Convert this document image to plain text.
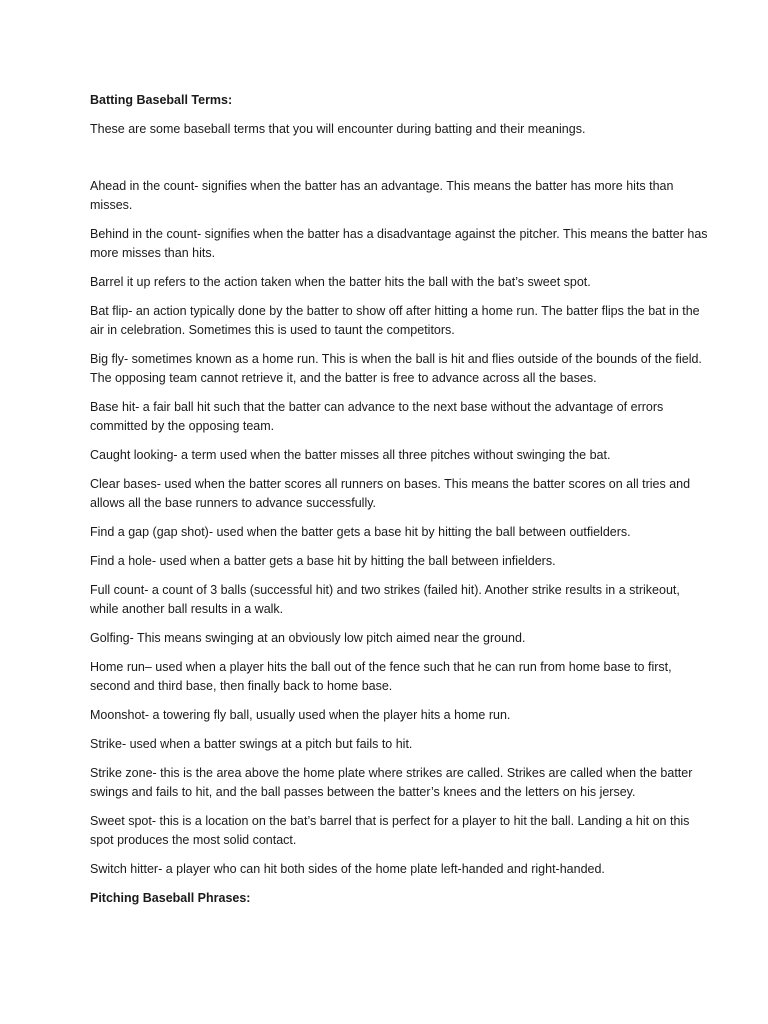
Batting Baseball Terms:

These are some baseball terms that you will encounter during batting and their meanings.

Ahead in the count- signifies when the batter has an advantage. This means the batter has more hits than misses.

Behind in the count- signifies when the batter has a disadvantage against the pitcher. This means the batter has more misses than hits.

Barrel it up refers to the action taken when the batter hits the ball with the bat’s sweet spot.

Bat flip- an action typically done by the batter to show off after hitting a home run. The batter flips the bat in the air in celebration. Sometimes this is used to taunt the competitors.

Big fly- sometimes known as a home run. This is when the ball is hit and flies outside of the bounds of the field. The opposing team cannot retrieve it, and the batter is free to advance across all the bases.

Base hit- a fair ball hit such that the batter can advance to the next base without the advantage of errors committed by the opposing team.

Caught looking- a term used when the batter misses all three pitches without swinging the bat.

Clear bases- used when the batter scores all runners on bases. This means the batter scores on all tries and allows all the base runners to advance successfully.

Find a gap (gap shot)- used when the batter gets a base hit by hitting the ball between outfielders.

Find a hole- used when a batter gets a base hit by hitting the ball between infielders.

Full count- a count of 3 balls (successful hit) and two strikes (failed hit). Another strike results in a strikeout, while another ball results in a walk.

Golfing- This means swinging at an obviously low pitch aimed near the ground.

Home run– used when a player hits the ball out of the fence such that he can run from home base to first, second and third base, then finally back to home base.

Moonshot- a towering fly ball, usually used when the player hits a home run.

Strike- used when a batter swings at a pitch but fails to hit.

Strike zone- this is the area above the home plate where strikes are called. Strikes are called when the batter swings and fails to hit, and the ball passes between the batter’s knees and the letters on his jersey.

Sweet spot- this is a location on the bat’s barrel that is perfect for a player to hit the ball. Landing a hit on this spot produces the most solid contact.

Switch hitter- a player who can hit both sides of the home plate left-handed and right-handed.

Pitching Baseball Phrases:
